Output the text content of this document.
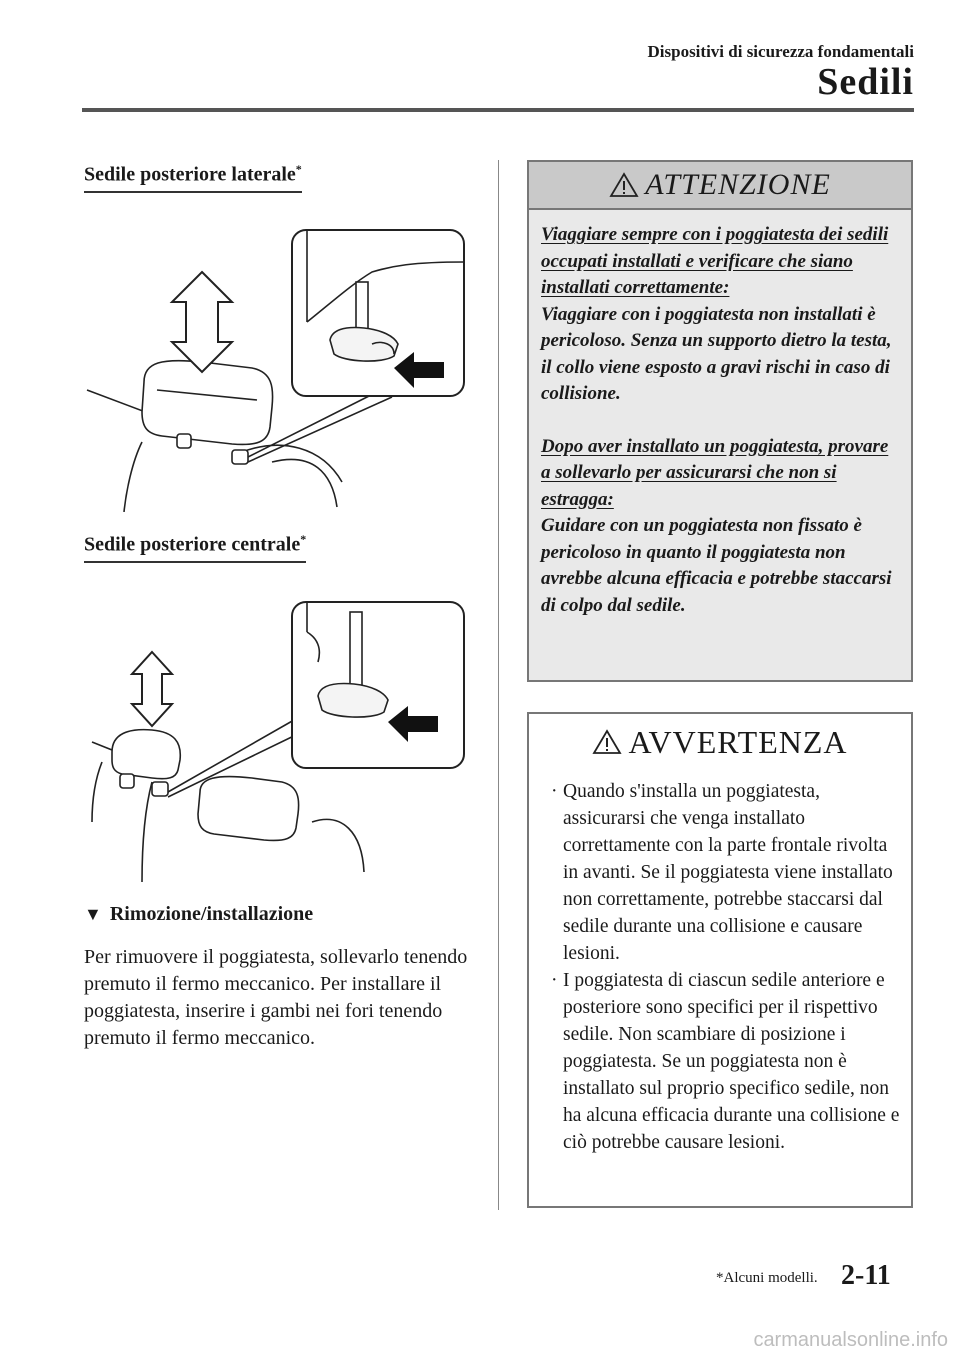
Dispositivi di sicurezza fondamentali
Sedili
Sedile posteriore laterale*
Sedile posteriore centrale*
▼ Rimozione/installazione
Per rimuovere il poggiatesta, sollevarlo tenendo premuto il fermo meccanico. Per installare il poggiatesta, inserire i gambi nei fori tenendo premuto il fermo meccanico.
ATTENZIONE

Viaggiare sempre con i poggiatesta dei sedili occupati installati e verificare che siano installati correttamente:
Viaggiare con i poggiatesta non installati è pericoloso. Senza un supporto dietro la testa, il collo viene esposto a gravi rischi in caso di collisione.

Dopo aver installato un poggiatesta, provare a sollevarlo per assicurarsi che non si estragga:
Guidare con un poggiatesta non fissato è pericoloso in quanto il poggiatesta non avrebbe alcuna efficacia e potrebbe staccarsi di colpo dal sedile.

AVVERTENZA
· Quando s'installa un poggiatesta, assicurarsi che venga installato correttamente con la parte frontale rivolta in avanti. Se il poggiatesta viene installato non correttamente, potrebbe staccarsi dal sedile durante una collisione e causare lesioni.
· I poggiatesta di ciascun sedile anteriore e posteriore sono specifici per il rispettivo sedile. Non scambiare di posizione i poggiatesta. Se un poggiatesta non è installato sul proprio specifico sedile, non ha alcuna efficacia durante una collisione e ciò potrebbe causare lesioni.
*Alcuni modelli. 2-11
carmanualsonline.info
